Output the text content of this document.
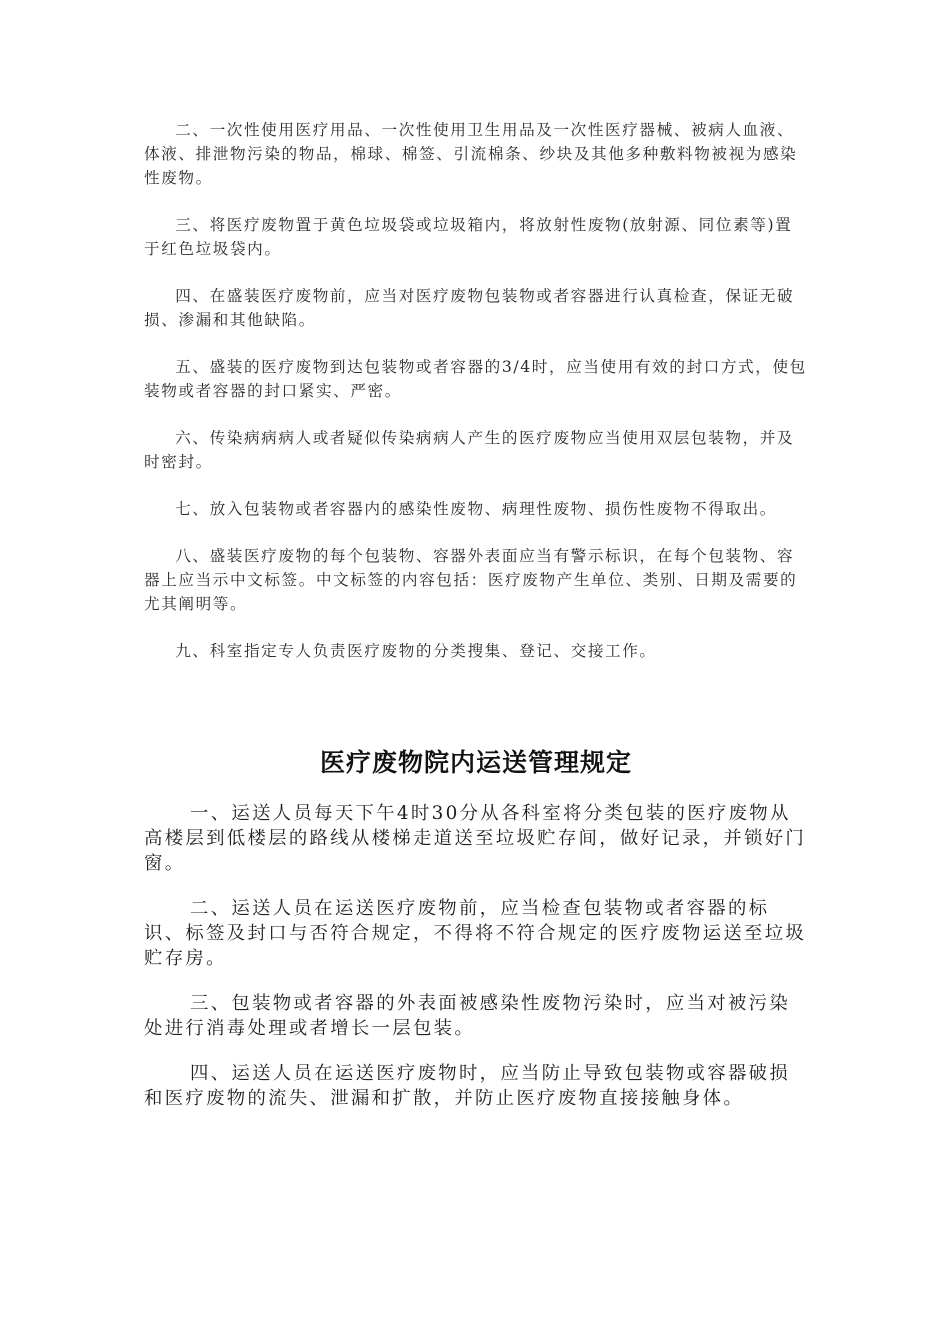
二、一次性使用医疗用品、一次性使用卫生用品及一次性医疗器械、被病人血液、体液、排泄物污染的物品，棉球、棉签、引流棉条、纱块及其他多种敷料物被视为感染性废物。

三、将医疗废物置于黄色垃圾袋或垃圾箱内，将放射性废物(放射源、同位素等)置于红色垃圾袋内。

四、在盛装医疗废物前，应当对医疗废物包装物或者容器进行认真检查，保证无破损、渗漏和其他缺陷。

五、盛装的医疗废物到达包装物或者容器的3/4时，应当使用有效的封口方式，使包装物或者容器的封口紧实、严密。

六、传染病病病人或者疑似传染病病人产生的医疗废物应当使用双层包装物，并及时密封。

七、放入包装物或者容器内的感染性废物、病理性废物、损伤性废物不得取出。

八、盛装医疗废物的每个包装物、容器外表面应当有警示标识，在每个包装物、容器上应当示中文标签。中文标签的内容包括：医疗废物产生单位、类别、日期及需要的尤其阐明等。

九、科室指定专人负责医疗废物的分类搜集、登记、交接工作。

医疗废物院内运送管理规定

一、运送人员每天下午4时30分从各科室将分类包装的医疗废物从高楼层到低楼层的路线从楼梯走道送至垃圾贮存间，做好记录，并锁好门窗。

二、运送人员在运送医疗废物前，应当检查包装物或者容器的标识、标签及封口与否符合规定，不得将不符合规定的医疗废物运送至垃圾贮存房。

三、包装物或者容器的外表面被感染性废物污染时，应当对被污染处进行消毒处理或者增长一层包装。

四、运送人员在运送医疗废物时，应当防止导致包装物或容器破损和医疗废物的流失、泄漏和扩散，并防止医疗废物直接接触身体。
